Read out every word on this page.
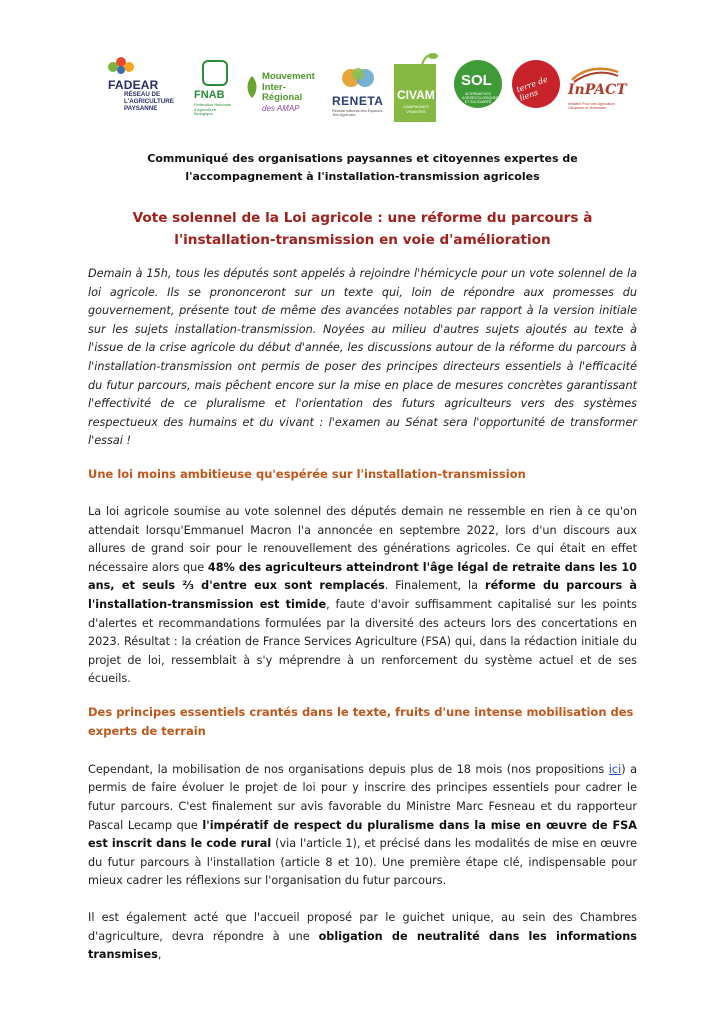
FADEAR
RÉSEAU DE L'AGRICULTURE PAYSANNE
FNAB
Fédération Nationale d'Agriculture Biologique
Mouvement
Inter-Régional
des AMAP	RENETA
Réseau national des Espaces-Test Agricoles
CIVAM
CAMPAGNES VIVANTES
SOL
ALTERNATIVES AGROÉCOLOGIQUES ET SOLIDAIRES
terre de liens	InPACT
Initiative Pour une Agriculture Citoyenne et Territoriale
Communiqué des organisations paysannes et citoyennes expertes de l'accompagnement à l'installation-transmission agricoles
Vote solennel de la Loi agricole : une réforme du parcours à l'installation-transmission en voie d'amélioration

Demain à 15h, tous les députés sont appelés à rejoindre l'hémicycle pour un vote solennel de la loi agricole. Ils se prononceront sur un texte qui, loin de répondre aux promesses du gouvernement, présente tout de même des avancées notables par rapport à la version initiale sur les sujets installation-transmission. Noyées au milieu d'autres sujets ajoutés au texte à l'issue de la crise agricole du début d'année, les discussions autour de la réforme du parcours à l'installation-transmission ont permis de poser des principes directeurs essentiels à l'efficacité du futur parcours, mais pêchent encore sur la mise en place de mesures concrètes garantissant l'effectivité de ce pluralisme et l'orientation des futurs agriculteurs vers des systèmes respectueux des humains et du vivant : l'examen au Sénat sera l'opportunité de transformer l'essai !

Une loi moins ambitieuse qu'espérée sur l'installation-transmission

La loi agricole soumise au vote solennel des députés demain ne ressemble en rien à ce qu'on attendait lorsqu'Emmanuel Macron l'a annoncée en septembre 2022, lors d'un discours aux allures de grand soir pour le renouvellement des générations agricoles. Ce qui était en effet nécessaire alors que 48% des agriculteurs atteindront l'âge légal de retraite dans les 10 ans, et seuls ⅔ d'entre eux sont remplacés. Finalement, la réforme du parcours à l'installation-transmission est timide, faute d'avoir suffisamment capitalisé sur les points d'alertes et recommandations formulées par la diversité des acteurs lors des concertations en 2023. Résultat : la création de France Services Agriculture (FSA) qui, dans la rédaction initiale du projet de loi, ressemblait à s'y méprendre à un renforcement du système actuel et de ses écueils.

Des principes essentiels crantés dans le texte, fruits d'une intense mobilisation des experts de terrain

Cependant, la mobilisation de nos organisations depuis plus de 18 mois (nos propositions ici) a permis de faire évoluer le projet de loi pour y inscrire des principes essentiels pour cadrer le futur parcours. C'est finalement sur avis favorable du Ministre Marc Fesneau et du rapporteur Pascal Lecamp que l'impératif de respect du pluralisme dans la mise en œuvre de FSA est inscrit dans le code rural (via l'article 1), et précisé dans les modalités de mise en œuvre du futur parcours à l'installation (article 8 et 10). Une première étape clé, indispensable pour mieux cadrer les réflexions sur l'organisation du futur parcours.

Il est également acté que l'accueil proposé par le guichet unique, au sein des Chambres d'agriculture, devra répondre à une obligation de neutralité dans les informations transmises,
